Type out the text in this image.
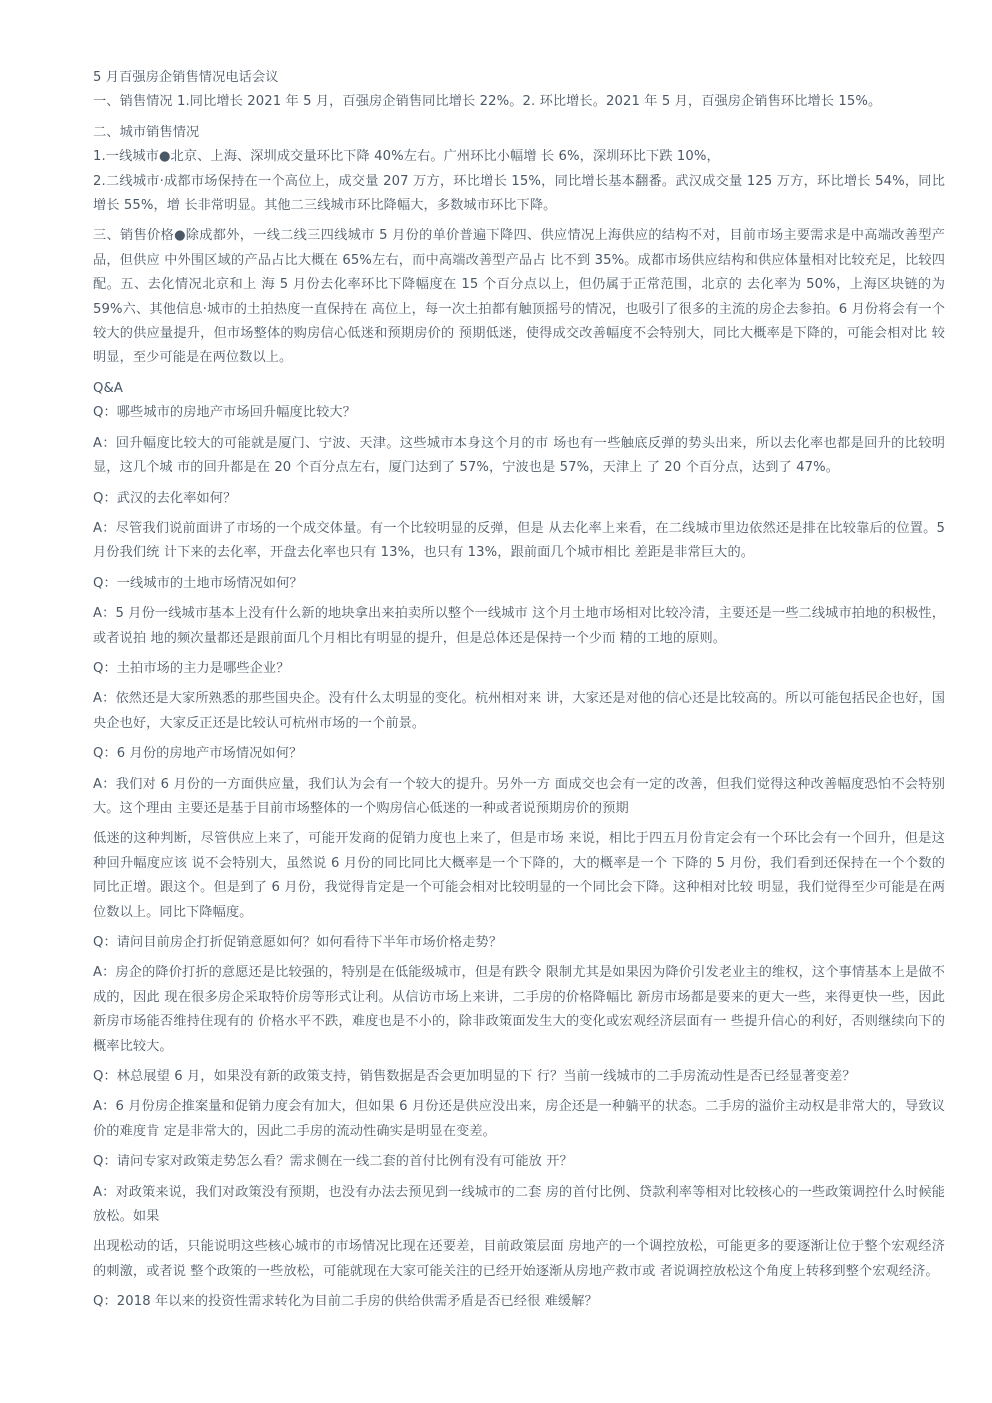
5 月百强房企销售情况电话会议

一、销售情况 1.同比增长 2021 年 5 月，百强房企销售同比增长 22%。2. 环比增长。2021 年 5 月，百强房企销售环比增长 15%。

二、城市销售情况

1.一线城市●北京、上海、深圳成交量环比下降 40%左右。广州环比小幅增 长 6%，深圳环比下跌 10%，

2.二线城市·成都市场保持在一个高位上，成交量 207 万方，环比增长 15%，同比增长基本翻番。武汉成交量 125 万方，环比增长 54%，同比增长 55%，增 长非常明显。其他二三线城市环比降幅大，多数城市环比下降。

三、销售价格●除成都外，一线二线三四线城市 5 月份的单价普遍下降四、供应情况上海供应的结构不对，目前市场主要需求是中高端改善型产品，但供应 中外围区域的产品占比大概在 65%左右，而中高端改善型产品占 比不到 35%。成都市场供应结构和供应体量相对比较充足，比较四配。五、去化情况北京和上 海 5 月份去化率环比下降幅度在 15 个百分点以上，但仍属于正常范围，北京的 去化率为 50%，上海区块链的为 59%六、其他信息·城市的土拍热度一直保持在 高位上，每一次土拍都有触顶摇号的情况，也吸引了很多的主流的房企去参拍。6 月份将会有一个较大的供应量提升，但市场整体的购房信心低迷和预期房价的 预期低迷，使得成交改善幅度不会特别大，同比大概率是下降的，可能会相对比 较明显，至少可能是在两位数以上。

Q&A

Q：哪些城市的房地产市场回升幅度比较大？

A：回升幅度比较大的可能就是厦门、宁波、天津。这些城市本身这个月的市 场也有一些触底反弹的势头出来，所以去化率也都是回升的比较明显，这几个城 市的回升都是在 20 个百分点左右，厦门达到了 57%，宁波也是 57%，天津上 了 20 个百分点，达到了 47%。

Q：武汉的去化率如何？

A：尽管我们说前面讲了市场的一个成交体量。有一个比较明显的反弹，但是 从去化率上来看，在二线城市里边依然还是排在比较靠后的位置。5 月份我们统 计下来的去化率，开盘去化率也只有 13%，也只有 13%，跟前面几个城市相比 差距是非常巨大的。

Q：一线城市的土地市场情况如何？

A：5 月份一线城市基本上没有什么新的地块拿出来拍卖所以整个一线城市 这个月土地市场相对比较冷清，主要还是一些二线城市拍地的积极性，或者说拍 地的频次量都还是跟前面几个月相比有明显的提升，但是总体还是保持一个少而 精的工地的原则。

Q：土拍市场的主力是哪些企业？

A：依然还是大家所熟悉的那些国央企。没有什么太明显的变化。杭州相对来 讲，大家还是对他的信心还是比较高的。所以可能包括民企也好，国央企也好，大家反正还是比较认可杭州市场的一个前景。

Q：6 月份的房地产市场情况如何？

A：我们对 6 月份的一方面供应量，我们认为会有一个较大的提升。另外一方 面成交也会有一定的改善，但我们觉得这种改善幅度恐怕不会特别大。这个理由 主要还是基于目前市场整体的一个购房信心低迷的一种或者说预期房价的预期

低迷的这种判断，尽管供应上来了，可能开发商的促销力度也上来了，但是市场 来说，相比于四五月份肯定会有一个环比会有一个回升，但是这种回升幅度应该 说不会特别大，虽然说 6 月份的同比同比大概率是一个下降的，大的概率是一个 下降的 5 月份，我们看到还保持在一个个数的同比正增。跟这个。但是到了 6 月份，我觉得肯定是一个可能会相对比较明显的一个同比会下降。这种相对比较 明显，我们觉得至少可能是在两位数以上。同比下降幅度。

Q：请问目前房企打折促销意愿如何？如何看待下半年市场价格走势？

A：房企的降价打折的意愿还是比较强的，特别是在低能级城市，但是有跌令 限制尤其是如果因为降价引发老业主的维权，这个事情基本上是做不成的，因此 现在很多房企采取特价房等形式让利。从信访市场上来讲，二手房的价格降幅比 新房市场都是要来的更大一些，来得更快一些，因此新房市场能否维持住现有的 价格水平不跌，难度也是不小的，除非政策面发生大的变化或宏观经济层面有一 些提升信心的利好，否则继续向下的概率比较大。

Q：林总展望 6 月，如果没有新的政策支持，销售数据是否会更加明显的下 行？当前一线城市的二手房流动性是否已经显著变差？

A：6 月份房企推案量和促销力度会有加大，但如果 6 月份还是供应没出来，房企还是一种躺平的状态。二手房的溢价主动权是非常大的，导致议价的难度肯 定是非常大的，因此二手房的流动性确实是明显在变差。

Q：请问专家对政策走势怎么看？需求侧在一线二套的首付比例有没有可能放 开？

A：对政策来说，我们对政策没有预期，也没有办法去预见到一线城市的二套 房的首付比例、贷款利率等相对比较核心的一些政策调控什么时候能放松。如果

出现松动的话，只能说明这些核心城市的市场情况比现在还要差，目前政策层面 房地产的一个调控放松，可能更多的要逐渐让位于整个宏观经济的刺激，或者说 整个政策的一些放松，可能就现在大家可能关注的已经开始逐渐从房地产救市或 者说调控放松这个角度上转移到整个宏观经济。

Q：2018 年以来的投资性需求转化为目前二手房的供给供需矛盾是否已经很 难缓解？
